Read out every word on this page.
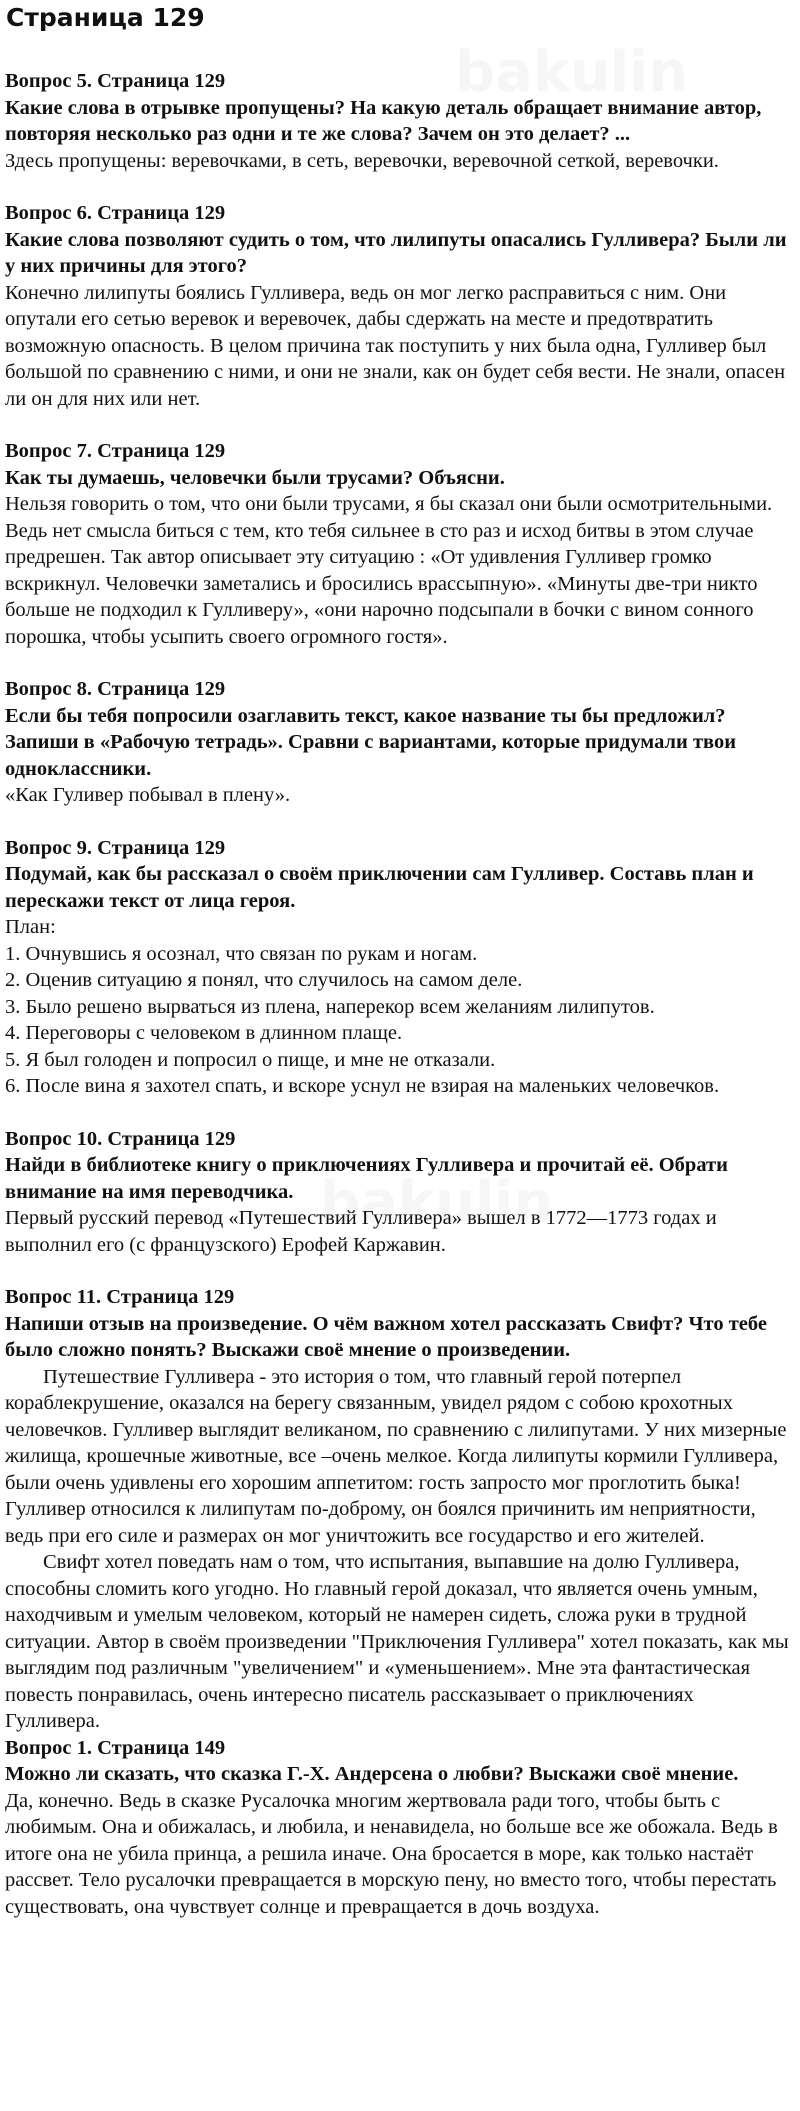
Страница 129
Вопрос 5. Страница 129
Какие слова в отрывке пропущены? На какую деталь обращает внимание автор, повторяя несколько раз одни и те же слова? Зачем он это делает? ...

Здесь пропущены: веревочками, в сеть, веревочки, веревочной сеткой, веревочки.

Вопрос 6. Страница 129
Какие слова позволяют судить о том, что лилипуты опасались Гулливера? Были ли у них причины для этого?

Конечно лилипуты боялись Гулливера, ведь он мог легко расправиться с ним. Они опутали его сетью веревок и веревочек, дабы сдержать на месте и предотвратить возможную опасность. В целом причина так поступить у них была одна, Гулливер был большой по сравнению с ними, и они не знали, как он будет себя вести. Не знали, опасен ли он для них или нет.

Вопрос 7. Страница 129
Как ты думаешь, человечки были трусами? Объясни.

Нельзя говорить о том, что они были трусами, я бы сказал они были осмотрительными. Ведь нет смысла биться с тем, кто тебя сильнее в сто раз и исход битвы в этом случае предрешен. Так автор описывает эту ситуацию : «От удивления Гулливер громко вскрикнул. Человечки заметались и бросились врассыпную». «Минуты две-три никто больше не подходил к Гулливеру», «они нарочно подсыпали в бочки с вином сонного порошка, чтобы усыпить своего огромного гостя».

Вопрос 8. Страница 129
Если бы тебя попросили озаглавить текст, какое название ты бы предложил? Запиши в «Рабочую тетрадь». Сравни с вариантами, которые придумали твои одноклассники.

«Как Гуливер побывал в плену».

Вопрос 9. Страница 129
Подумай, как бы рассказал о своём приключении сам Гулливер. Составь план и перескажи текст от лица героя.

План:

1. Очнувшись я осознал, что связан по рукам и ногам.

2. Оценив ситуацию я понял, что случилось на самом деле.

3. Было решено вырваться из плена, наперекор всем желаниям лилипутов.

4. Переговоры с человеком в длинном плаще.

5. Я был голоден и попросил о пище, и мне не отказали.

6. После вина я захотел спать, и вскоре уснул не взирая на маленьких человечков.

Вопрос 10. Страница 129
Найди в библиотеке книгу о приключениях Гулливера и прочитай её. Обрати внимание на имя переводчика.

Первый русский перевод «Путешествий Гулливера» вышел в 1772—1773 годах и выполнил его (с французского) Ерофей Каржавин.

Вопрос 11. Страница 129
Напиши отзыв на произведение. О чём важном хотел рассказать Свифт? Что тебе было сложно понять? Выскажи своё мнение о произведении.

Путешествие Гулливера - это история о том, что главный герой потерпел кораблекрушение, оказался на берегу связанным, увидел рядом с собою крохотных человечков. Гулливер выглядит великаном, по сравнению с лилипутами. У них мизерные жилища, крошечные животные, все –очень мелкое. Когда лилипуты кормили Гулливера, были очень удивлены его хорошим аппетитом: гость запросто мог проглотить быка! Гулливер относился к лилипутам по-доброму, он боялся причинить им неприятности, ведь при его силе и размерах он мог уничтожить все государство и его жителей.

Свифт хотел поведать нам о том, что испытания, выпавшие на долю Гулливера, способны сломить кого угодно. Но главный герой доказал, что является очень умным, находчивым и умелым человеком, который не намерен сидеть, сложа руки в трудной ситуации. Автор в своём произведении "Приключения Гулливера" хотел показать, как мы выглядим под различным "увеличением" и «уменьшением». Мне эта фантастическая повесть понравилась, очень интересно писатель рассказывает о приключениях Гулливера.

Вопрос 1. Страница 149
Можно ли сказать, что сказка Г.-Х. Андерсена о любви? Выскажи своё мнение.

Да, конечно. Ведь в сказке Русалочка многим жертвовала ради того, чтобы быть с любимым. Она и обижалась, и любила, и ненавидела, но больше все же обожала. Ведь в итоге она не убила принца, а решила иначе. Она бросается в море, как только настаёт рассвет. Тело русалочки превращается в морскую пену, но вместо того, чтобы перестать существовать, она чувствует солнце и превращается в дочь воздуха.
